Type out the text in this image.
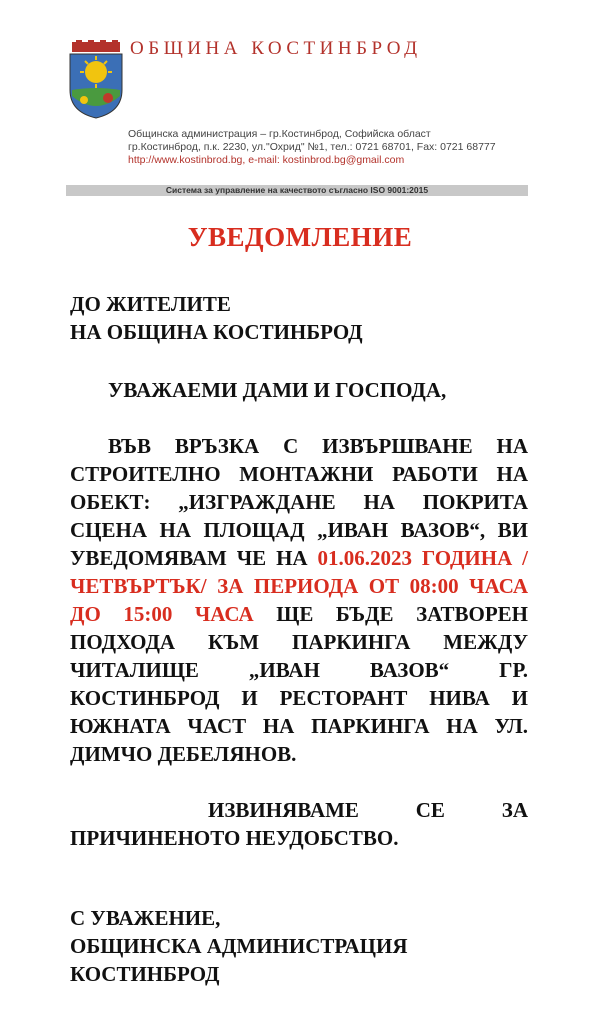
ОБЩИНА КОСТИНБРОД
Общинска администрация – гр.Костинброд, Софийска област
гр.Костинброд, п.к. 2230, ул."Охрид" №1, тел.: 0721 68701, Fax: 0721 68777
http://www.kostinbrod.bg, e-mail: kostinbrod.bg@gmail.com
Система за управление на качеството съгласно ISO 9001:2015
УВЕДОМЛЕНИЕ
ДО ЖИТЕЛИТЕ
НА ОБЩИНА КОСТИНБРОД
УВАЖАЕМИ ДАМИ И ГОСПОДА,
ВЪВ ВРЪЗКА С ИЗВЪРШВАНЕ НА СТРОИТЕЛНО МОНТАЖНИ РАБОТИ НА ОБЕКТ: „ИЗГРАЖДАНЕ НА ПОКРИТА СЦЕНА НА ПЛОЩАД „ИВАН ВАЗОВ“, ВИ УВЕДОМЯВАМ ЧЕ НА 01.06.2023 ГОДИНА / ЧЕТВЪРТЪК/ ЗА ПЕРИОДА ОТ 08:00 ЧАСА ДО 15:00 ЧАСА ЩЕ БЪДЕ ЗАТВОРЕН ПОДХОДА КЪМ ПАРКИНГА МЕЖДУ ЧИТАЛИЩЕ „ИВАН ВАЗОВ“ ГР. КОСТИНБРОД И РЕСТОРАНТ НИВА И ЮЖНАТА ЧАСТ НА ПАРКИНГА НА УЛ. ДИМЧО ДЕБЕЛЯНОВ.
ИЗВИНЯВАМЕ СЕ ЗА ПРИЧИНЕНОТО НЕУДОБСТВО.
С УВАЖЕНИЕ,
ОБЩИНСКА АДМИНИСТРАЦИЯ
КОСТИНБРОД
